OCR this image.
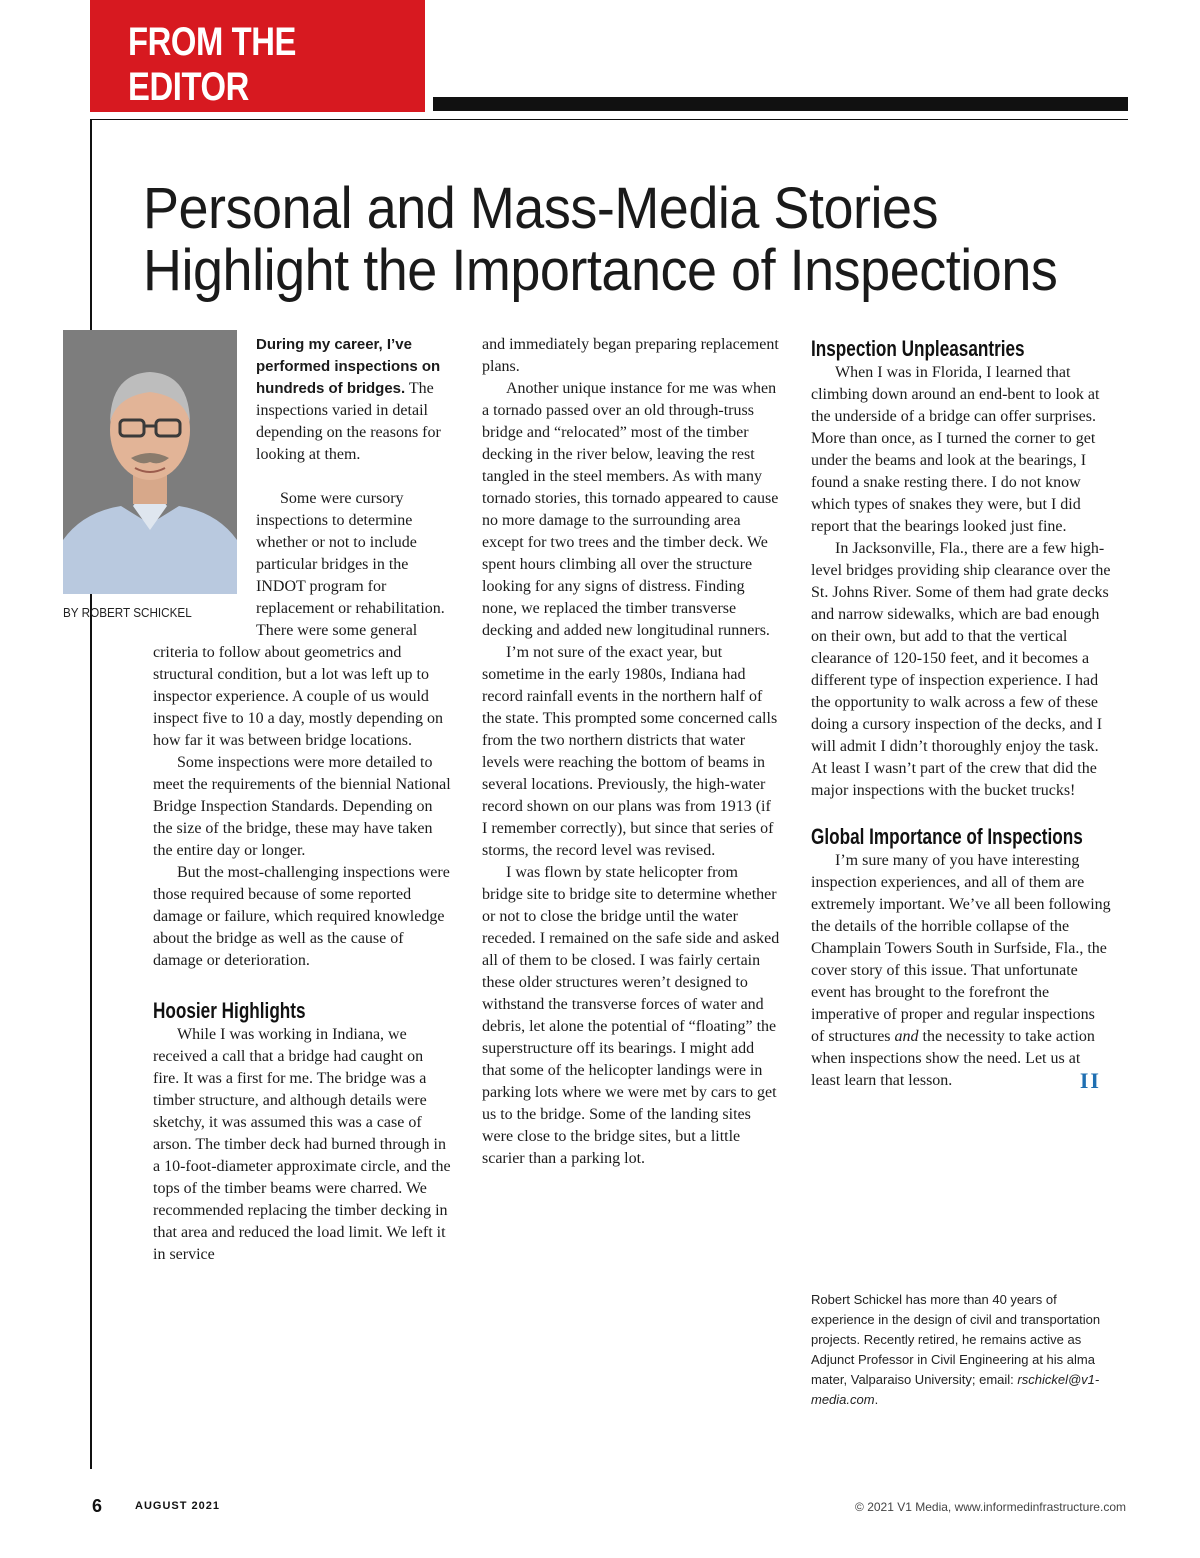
FROM THE EDITOR
Personal and Mass-Media Stories
Highlight the Importance of Inspections
BY ROBERT SCHICKEL

During my career, I’ve performed inspections on hundreds of bridges. The inspections varied in detail depending on the reasons for looking at them.

Some were cursory inspections to determine whether or not to include particular bridges in the INDOT program for replacement or rehabilitation. There were some general criteria to follow about geometrics and structural condition, but a lot was left up to inspector experience. A couple of us would inspect five to 10 a day, mostly depending on how far it was between bridge locations.

Some inspections were more detailed to meet the requirements of the biennial National Bridge Inspection Standards. Depending on the size of the bridge, these may have taken the entire day or longer.

But the most-challenging inspections were those required because of some reported damage or failure, which required knowledge about the bridge as well as the cause of damage or deterioration.

Hoosier Highlights

While I was working in Indiana, we received a call that a bridge had caught on fire. It was a first for me. The bridge was a timber structure, and although details were sketchy, it was assumed this was a case of arson. The timber deck had burned through in a 10-foot-diameter approximate circle, and the tops of the timber beams were charred. We recommended replacing the timber decking in that area and reduced the load limit. We left it in service

and immediately began preparing replacement plans.

Another unique instance for me was when a tornado passed over an old through-truss bridge and “relocated” most of the timber decking in the river below, leaving the rest tangled in the steel members. As with many tornado stories, this tornado appeared to cause no more damage to the surrounding area except for two trees and the timber deck. We spent hours climbing all over the structure looking for any signs of distress. Finding none, we replaced the timber transverse decking and added new longitudinal runners.

I’m not sure of the exact year, but sometime in the early 1980s, Indiana had record rainfall events in the northern half of the state. This prompted some concerned calls from the two northern districts that water levels were reaching the bottom of beams in several locations. Previously, the high-water record shown on our plans was from 1913 (if I remember correctly), but since that series of storms, the record level was revised.

I was flown by state helicopter from bridge site to bridge site to determine whether or not to close the bridge until the water receded. I remained on the safe side and asked all of them to be closed. I was fairly certain these older structures weren’t designed to withstand the transverse forces of water and debris, let alone the potential of “floating” the superstructure off its bearings. I might add that some of the helicopter landings were in parking lots where we were met by cars to get us to the bridge. Some of the landing sites were close to the bridge sites, but a little scarier than a parking lot.

Inspection Unpleasantries

When I was in Florida, I learned that climbing down around an end-bent to look at the underside of a bridge can offer surprises. More than once, as I turned the corner to get under the beams and look at the bearings, I found a snake resting there. I do not know which types of snakes they were, but I did report that the bearings looked just fine.

In Jacksonville, Fla., there are a few high-level bridges providing ship clearance over the St. Johns River. Some of them had grate decks and narrow sidewalks, which are bad enough on their own, but add to that the vertical clearance of 120-150 feet, and it becomes a different type of inspection experience. I had the opportunity to walk across a few of these doing a cursory inspection of the decks, and I will admit I didn’t thoroughly enjoy the task. At least I wasn’t part of the crew that did the major inspections with the bucket trucks!

Global Importance of Inspections

I’m sure many of you have interesting inspection experiences, and all of them are extremely important. We’ve all been following the details of the horrible collapse of the Champlain Towers South in Surfside, Fla., the cover story of this issue. That unfortunate event has brought to the forefront the imperative of proper and regular inspections of structures and the necessity to take action when inspections show the need. Let us at least learn that lesson.	II

Robert Schickel has more than 40 years of experience in the design of civil and transportation projects. Recently retired, he remains active as Adjunct Professor in Civil Engineering at his alma mater, Valparaiso University; email: rschickel@v1-media.com.
6	AUGUST 2021	© 2021 V1 Media, www.informedinfrastructure.com
